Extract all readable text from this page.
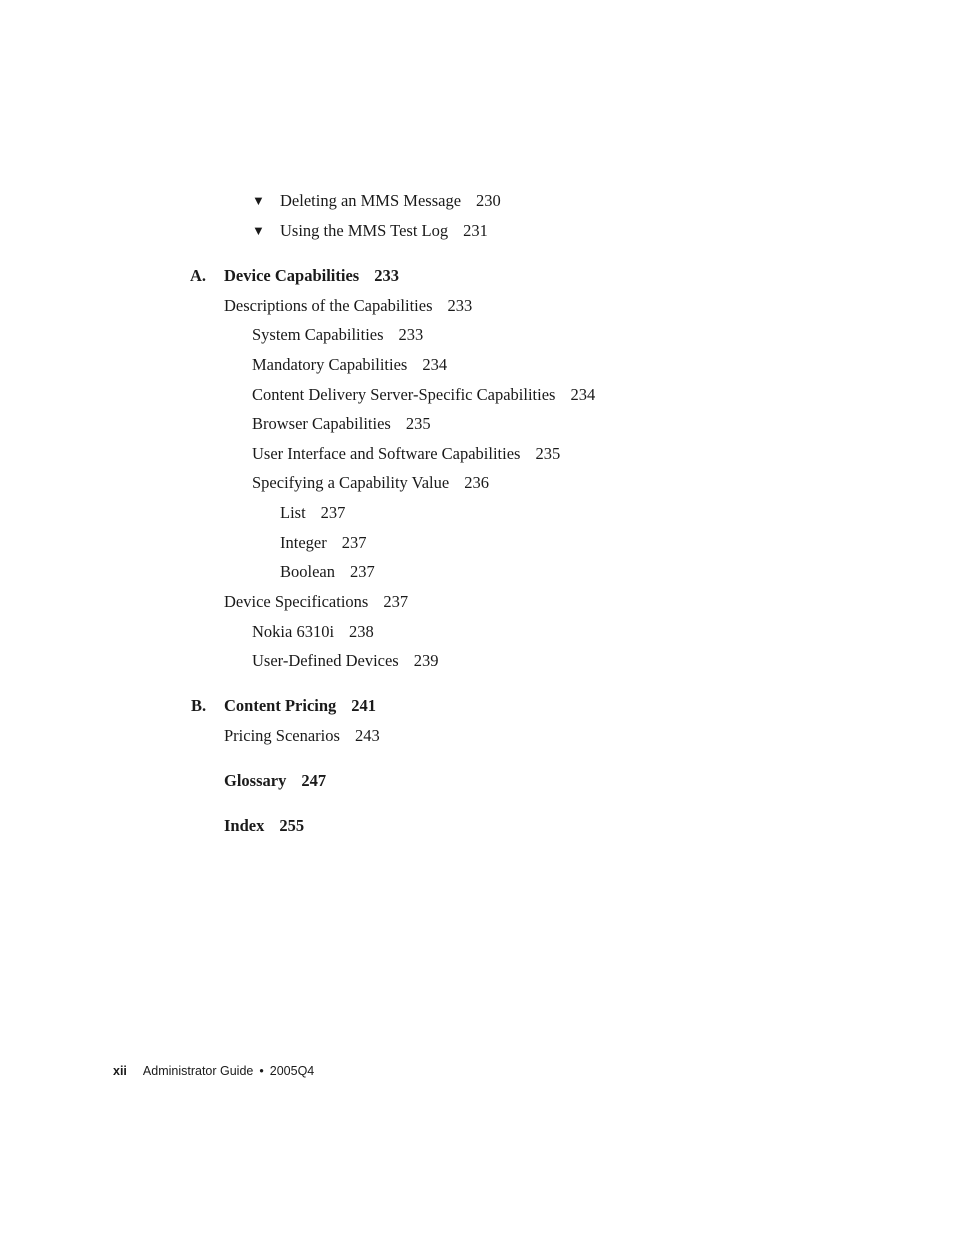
▼ Deleting an MMS Message 230
▼ Using the MMS Test Log 231
A. Device Capabilities 233
Descriptions of the Capabilities 233
System Capabilities 233
Mandatory Capabilities 234
Content Delivery Server-Specific Capabilities 234
Browser Capabilities 235
User Interface and Software Capabilities 235
Specifying a Capability Value 236
List 237
Integer 237
Boolean 237
Device Specifications 237
Nokia 6310i 238
User-Defined Devices 239
B. Content Pricing 241
Pricing Scenarios 243
Glossary 247
Index 255
xii Administrator Guide • 2005Q4
